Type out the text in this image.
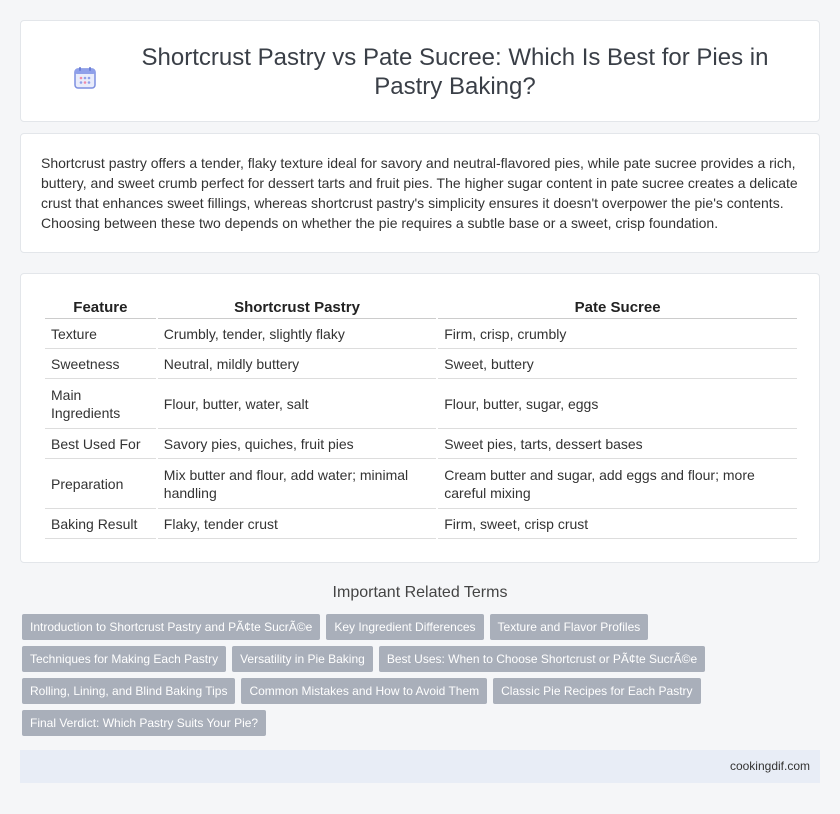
Shortcrust Pastry vs Pate Sucree: Which Is Best for Pies in Pastry Baking?

Shortcrust pastry offers a tender, flaky texture ideal for savory and neutral-flavored pies, while pate sucree provides a rich, buttery, and sweet crumb perfect for dessert tarts and fruit pies. The higher sugar content in pate sucree creates a delicate crust that enhances sweet fillings, whereas shortcrust pastry's simplicity ensures it doesn't overpower the pie's contents. Choosing between these two depends on whether the pie requires a subtle base or a sweet, crisp foundation.

Feature	Shortcrust Pastry	Pate Sucree
Texture	Crumbly, tender, slightly flaky	Firm, crisp, crumbly
Sweetness	Neutral, mildly buttery	Sweet, buttery
Main Ingredients	Flour, butter, water, salt	Flour, butter, sugar, eggs
Best Used For	Savory pies, quiches, fruit pies	Sweet pies, tarts, dessert bases
Preparation	Mix butter and flour, add water; minimal handling	Cream butter and sugar, add eggs and flour; more careful mixing
Baking Result	Flaky, tender crust	Firm, sweet, crisp crust
Important Related Terms
Introduction to Shortcrust Pastry and PÃ¢te SucrÃ©e	Key Ingredient Differences	Texture and Flavor Profiles
Techniques for Making Each Pastry	Versatility in Pie Baking	Best Uses: When to Choose Shortcrust or PÃ¢te SucrÃ©e
Rolling, Lining, and Blind Baking Tips	Common Mistakes and How to Avoid Them	Classic Pie Recipes for Each Pastry
Final Verdict: Which Pastry Suits Your Pie?
cookingdif.com
